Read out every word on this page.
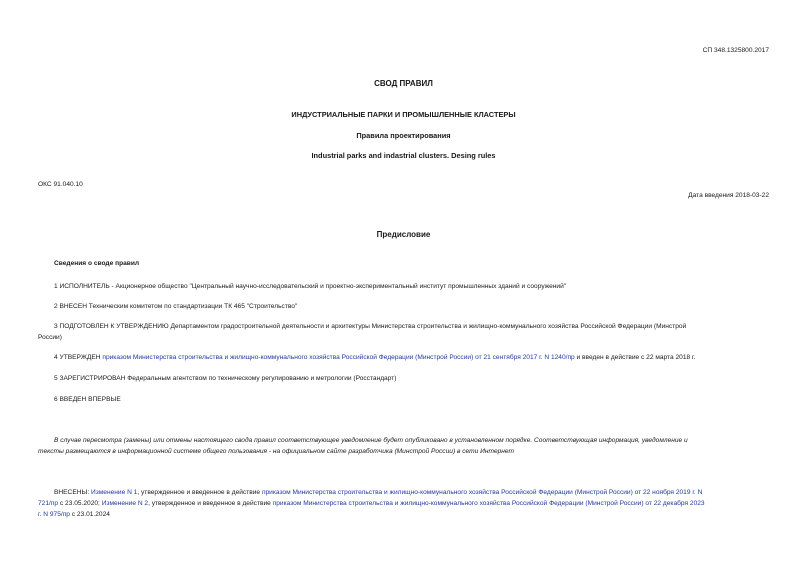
СП 348.1325800.2017
СВОД ПРАВИЛ
ИНДУСТРИАЛЬНЫЕ ПАРКИ И ПРОМЫШЛЕННЫЕ КЛАСТЕРЫ
Правила проектирования
Industrial parks and indastrial clusters. Desing rules
ОКС 91.040.10
Дата введения 2018-03-22
Предисловие
Сведения о своде правил
1 ИСПОЛНИТЕЛЬ - Акционерное общество "Центральный научно-исследовательский и проектно-экспериментальный институт промышленных зданий и сооружений"
2 ВНЕСЕН Техническим комитетом по стандартизации ТК 465 "Строительство"
3 ПОДГОТОВЛЕН К УТВЕРЖДЕНИЮ Департаментом градостроительной деятельности и архитектуры Министерства строительства и жилищно-коммунального хозяйства Российской Федерации (Минстрой
России)
4 УТВЕРЖДЕН приказом Министерства строительства и жилищно-коммунального хозяйства Российской Федерации (Минстрой России) от 21 сентября 2017 г. N 1240/пр и введен в действие с 22 марта 2018 г.
5 ЗАРЕГИСТРИРОВАН Федеральным агентством по техническому регулированию и метрологии (Росстандарт)
6 ВВЕДЕН ВПЕРВЫЕ
В случае пересмотра (замены) или отмены настоящего свода правил соответствующее уведомление будет опубликовано в установленном порядке. Соответствующая информация, уведомление и
тексты размещаются в информационной системе общего пользования - на официальном сайте разработчика (Минстрой России) в сети Интернет
ВНЕСЕНЫ: Изменение N 1, утвержденное и введенное в действие приказом Министерства строительства и жилищно-коммунального хозяйства Российской Федерации (Минстрой России) от 22 ноября 2019 г. N
721/пр с 23.05.2020; Изменение N 2, утвержденное и введенное в действие приказом Министерства строительства и жилищно-коммунального хозяйства Российской Федерации (Минстрой России) от 22 декабря 2023
г. N 975/пр с 23.01.2024
